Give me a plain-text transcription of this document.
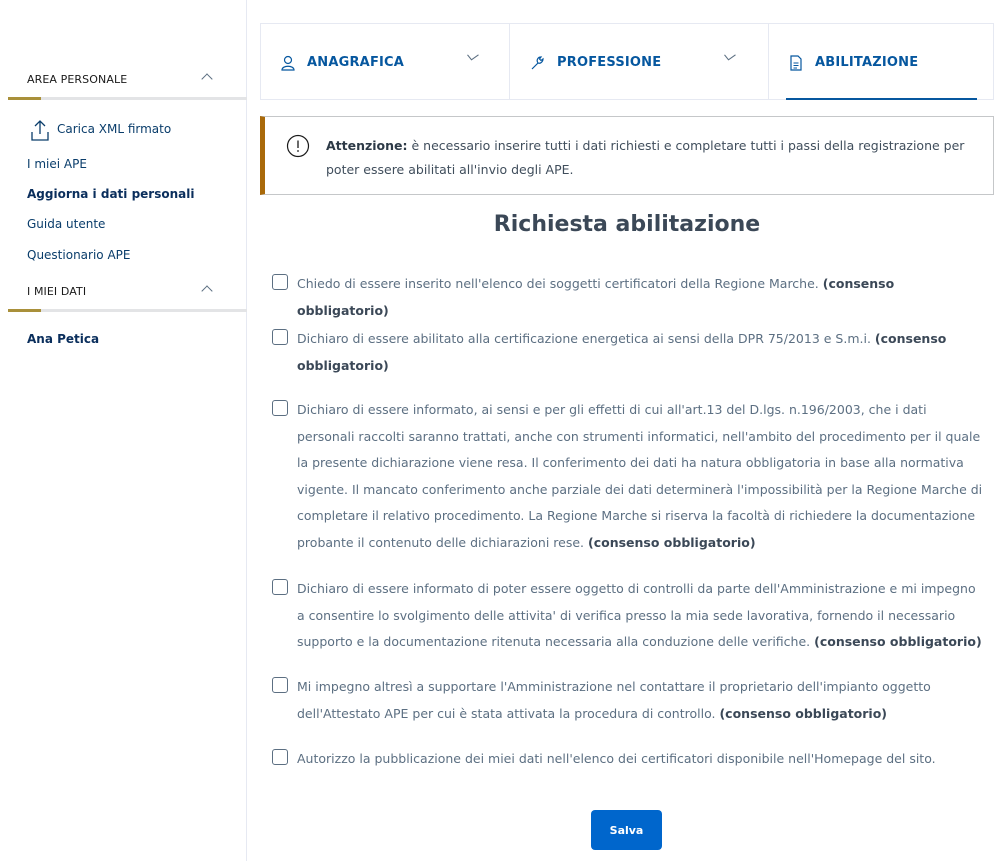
AREA PERSONALE
Carica XML firmato
I miei APE
Aggiorna i dati personali
Guida utente
Questionario APE
I MIEI DATI
Ana Petica
ANAGRAFICA	PROFESSIONE	ABILITAZIONE
Attenzione: è necessario inserire tutti i dati richiesti e completare tutti i passi della registrazione per poter essere abilitati all'invio degli APE.
Richiesta abilitazione
Chiedo di essere inserito nell'elenco dei soggetti certificatori della Regione Marche. (consenso obbligatorio)
Dichiaro di essere abilitato alla certificazione energetica ai sensi della DPR 75/2013 e S.m.i. (consenso obbligatorio)
Dichiaro di essere informato, ai sensi e per gli effetti di cui all'art.13 del D.lgs. n.196/2003, che i dati personali raccolti saranno trattati, anche con strumenti informatici, nell'ambito del procedimento per il quale la presente dichiarazione viene resa. Il conferimento dei dati ha natura obbligatoria in base alla normativa vigente. Il mancato conferimento anche parziale dei dati determinerà l'impossibilità per la Regione Marche di completare il relativo procedimento. La Regione Marche si riserva la facoltà di richiedere la documentazione probante il contenuto delle dichiarazioni rese. (consenso obbligatorio)
Dichiaro di essere informato di poter essere oggetto di controlli da parte dell'Amministrazione e mi impegno a consentire lo svolgimento delle attivita' di verifica presso la mia sede lavorativa, fornendo il necessario supporto e la documentazione ritenuta necessaria alla conduzione delle verifiche. (consenso obbligatorio)
Mi impegno altresì a supportare l'Amministrazione nel contattare il proprietario dell'impianto oggetto dell'Attestato APE per cui è stata attivata la procedura di controllo. (consenso obbligatorio)
Autorizzo la pubblicazione dei miei dati nell'elenco dei certificatori disponibile nell'Homepage del sito.
Salva
